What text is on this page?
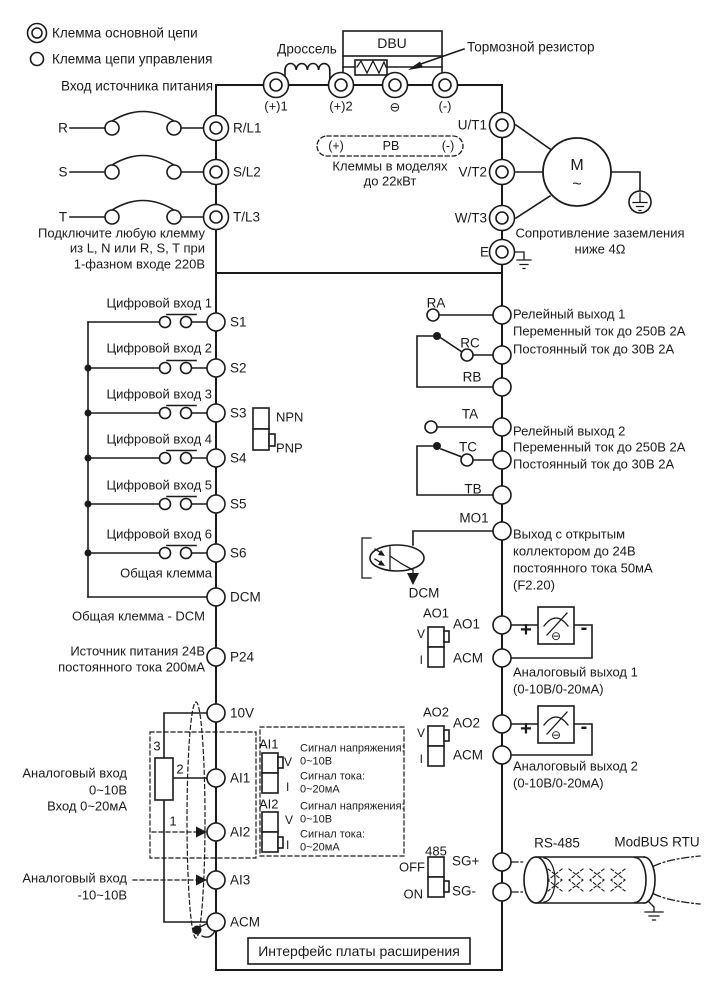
Клемма основной цепи
Клемма цепи управления
Вход источника питания
Дроссель	DBU	Тормозной резистор
(+)1	(+)2	⊖	(-)
(+)	PB	(-)
Клеммы в моделях
до 22кВт
R
S
T
R/L1
S/L2
T/L3
U/T1
V/T2
W/T3
E
M
~
Сопротивление заземления
ниже 4Ω
Подключите любую клемму
из L, N или R, S, T при
1-фазном входе 220В
Цифровой вход 1
Цифровой вход 2
Цифровой вход 3
Цифровой вход 4
Цифровой вход 5
Цифровой вход 6
S1
S2
S3
S4
S5
S6
NPN
PNP
Общая клемма
DCM
Общая клемма - DCM
Источник питания 24В
постоянного тока 200мА
P24
10V
3
2
1
Аналоговый вход
0~10В
Вход 0~20мА
AI1
AI2
AI3
ACM
Аналоговый вход
-10~10В
AI1
V
I
Сигнал напряжения:
0~10В
Сигнал тока:
0~20мА
AI2
V
I
Сигнал напряжения:
0~10В
Сигнал тока:
0~20мА
RA
Релейный выход 1
Переменный ток до 250В 2А
Постоянный ток до 30В 2А
RC
RB
TA
Релейный выход 2
Переменный ток до 250В 2А
Постоянный ток до 30В 2А
TC
TB
MO1
Выход с открытым
коллектором до 24В
постоянного тока 50мА
(F2.20)
DCM
AO1
V
I
AO1
ACM
+ ⊖ -
Аналоговый выход 1
(0-10В/0-20мА)
AO2
V
I
AO2
ACM
+ ⊖ -
Аналоговый выход 2
(0-10В/0-20мА)
485
OFF
ON
SG+
SG-
RS-485	ModBUS RTU
Интерфейс платы расширения
